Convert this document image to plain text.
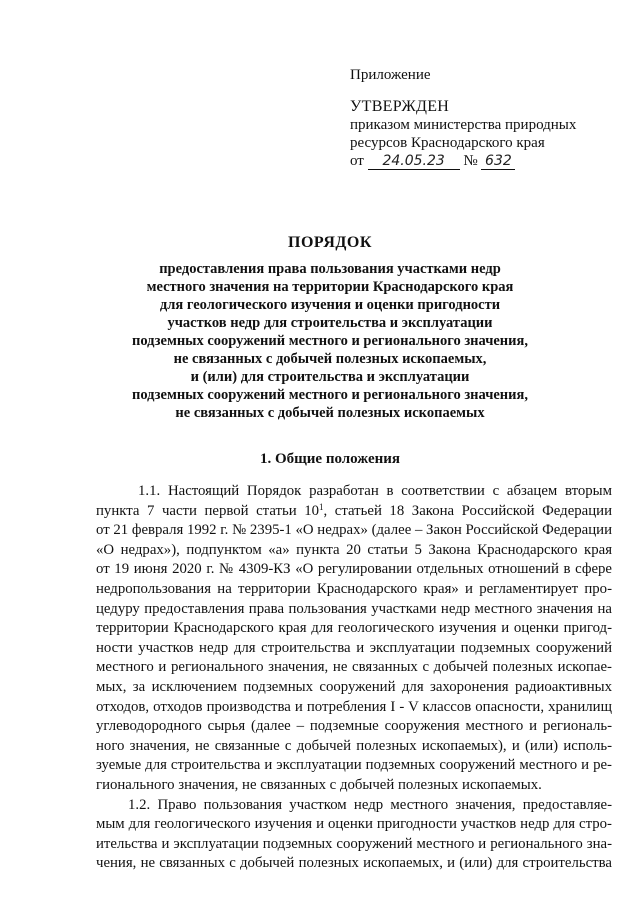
Приложение
УТВЕРЖДЕН
приказом министерства природных
ресурсов Краснодарского края
от 24.05.23 № 632
ПОРЯДОК
предоставления права пользования участками недр
местного значения на территории Краснодарского края
для геологического изучения и оценки пригодности
участков недр для строительства и эксплуатации
подземных сооружений местного и регионального значения,
не связанных с добычей полезных ископаемых,
и (или) для строительства и эксплуатации
подземных сооружений местного и регионального значения,
не связанных с добычей полезных ископаемых
1. Общие положения

1.1. Настоящий Порядок разработан в соответствии с абзацем вторым
пункта 7 части первой статьи $10^1$, статьей 18 Закона Российской Федерации
от 21 февраля 1992 г. № 2395-1 «О недрах» (далее – Закон Российской Федерации
«О недрах»), подпунктом «а» пункта 20 статьи 5 Закона Краснодарского края
от 19 июня 2020 г. № 4309-КЗ «О регулировании отдельных отношений в сфере
недропользования на территории Краснодарского края» и регламентирует про-
цедуру предоставления права пользования участками недр местного значения на
территории Краснодарского края для геологического изучения и оценки пригод-
ности участков недр для строительства и эксплуатации подземных сооружений
местного и регионального значения, не связанных с добычей полезных ископае-
мых, за исключением подземных сооружений для захоронения радиоактивных
отходов, отходов производства и потребления I - V классов опасности, хранилищ
углеводородного сырья (далее – подземные сооружения местного и региональ-
ного значения, не связанные с добычей полезных ископаемых), и (или) исполь-
зуемые для строительства и эксплуатации подземных сооружений местного и ре-
гионального значения, не связанных с добычей полезных ископаемых.

1.2. Право пользования участком недр местного значения, предоставляе-
мым для геологического изучения и оценки пригодности участков недр для стро-
ительства и эксплуатации подземных сооружений местного и регионального зна-
чения, не связанных с добычей полезных ископаемых, и (или) для строительства
